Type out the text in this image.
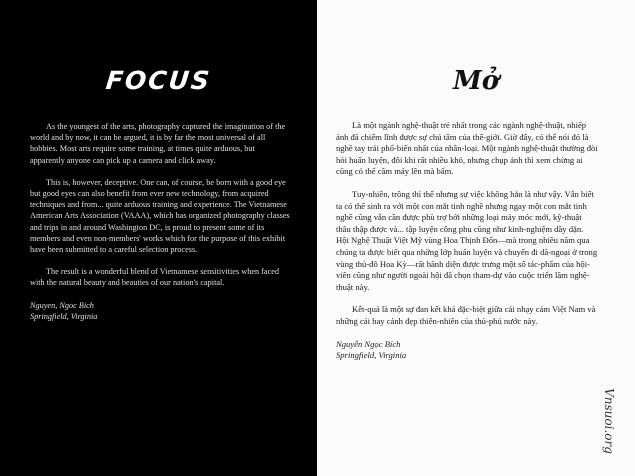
FOCUS

As the youngest of the arts, photography captured the imagination of the world and by now, it can be argued, it is by far the most universal of all hobbies. Most arts require some training, at times quite arduous, but apparently anyone can pick up a camera and click away.

This is, however, deceptive. One can, of course, be born with a good eye but good eyes can also benefit from ever new technology, from acquired techniques and from... quite arduous training and experience. The Vietnamese American Arts Association (VAAA), which has organized photography classes and trips in and around Washington DC, is proud to present some of its members and even non-members' works which for the purpose of this exhibit have been submitted to a careful selection process.

The result is a wonderful blend of Vietnamese sensitivities when faced with the natural beauty and beauties of our nation's capital.

Nguyen, Ngoc Bich

Springfield, Virginia

Mở

Là một ngành nghệ-thuật trẻ nhất trong các ngành nghệ-thuật, nhiếp ảnh đã chiếm lĩnh được sự chú tâm của thế-giới. Giờ đây, có thể nói đó là nghề tay trái phổ-biến nhất của nhân-loại. Một ngành nghệ-thuật thường đòi hỏi huấn luyện, đôi khi rất nhiều khó, nhưng chụp ảnh thì xem chừng ai cũng có thể cầm máy lên mà bấm.

Tuy-nhiên, trông thì thế nhưng sự việc không hẳn là như vậy. Vẫn biết ta có thể sinh ra với một con mắt tinh nghề nhưng ngay một con mắt tinh nghề cũng vẫn cần được phù trợ bởi những loại máy móc mới, kỹ-thuật thâu thập được và... tập luyện công phu cũng như kinh-nghiệm dầy dặn. Hội Nghệ Thuật Việt Mỹ vùng Hoa Thịnh Đốn—mà trong nhiều năm qua chúng ta được biết qua những lớp huấn luyện và chuyến đi dã-ngoại ở trong vùng thủ-đô Hoa Kỳ—rất hãnh diện được trưng một số tác-phẩm của hội-viên cũng như người ngoài hội đã chọn tham-dự vào cuộc triển lãm nghệ-thuật này.

Kết-quả là một sự đan kết khá đặc-biệt giữa cái nhạy cảm Việt Nam và những cái hay cảnh đẹp thiên-nhiên của thủ-phủ nước này.

Nguyễn Ngọc Bích

Springfield, Virginia

Vnsuoi.org
